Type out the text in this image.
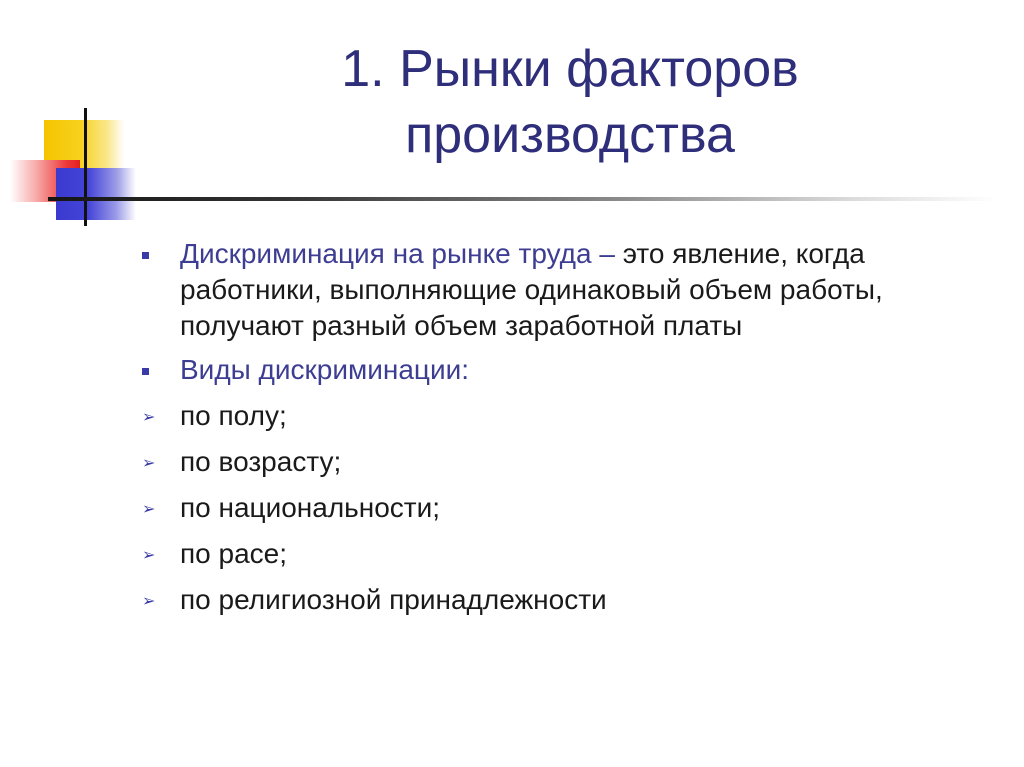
1. Рынки факторов
производства
Дискриминация на рынке труда – это явление, когда
работники, выполняющие одинаковый объем работы,
получают разный объем заработной платы
Виды дискриминации:
➢ по полу;
➢ по возрасту;
➢ по национальности;
➢ по расе;
➢ по религиозной принадлежности
